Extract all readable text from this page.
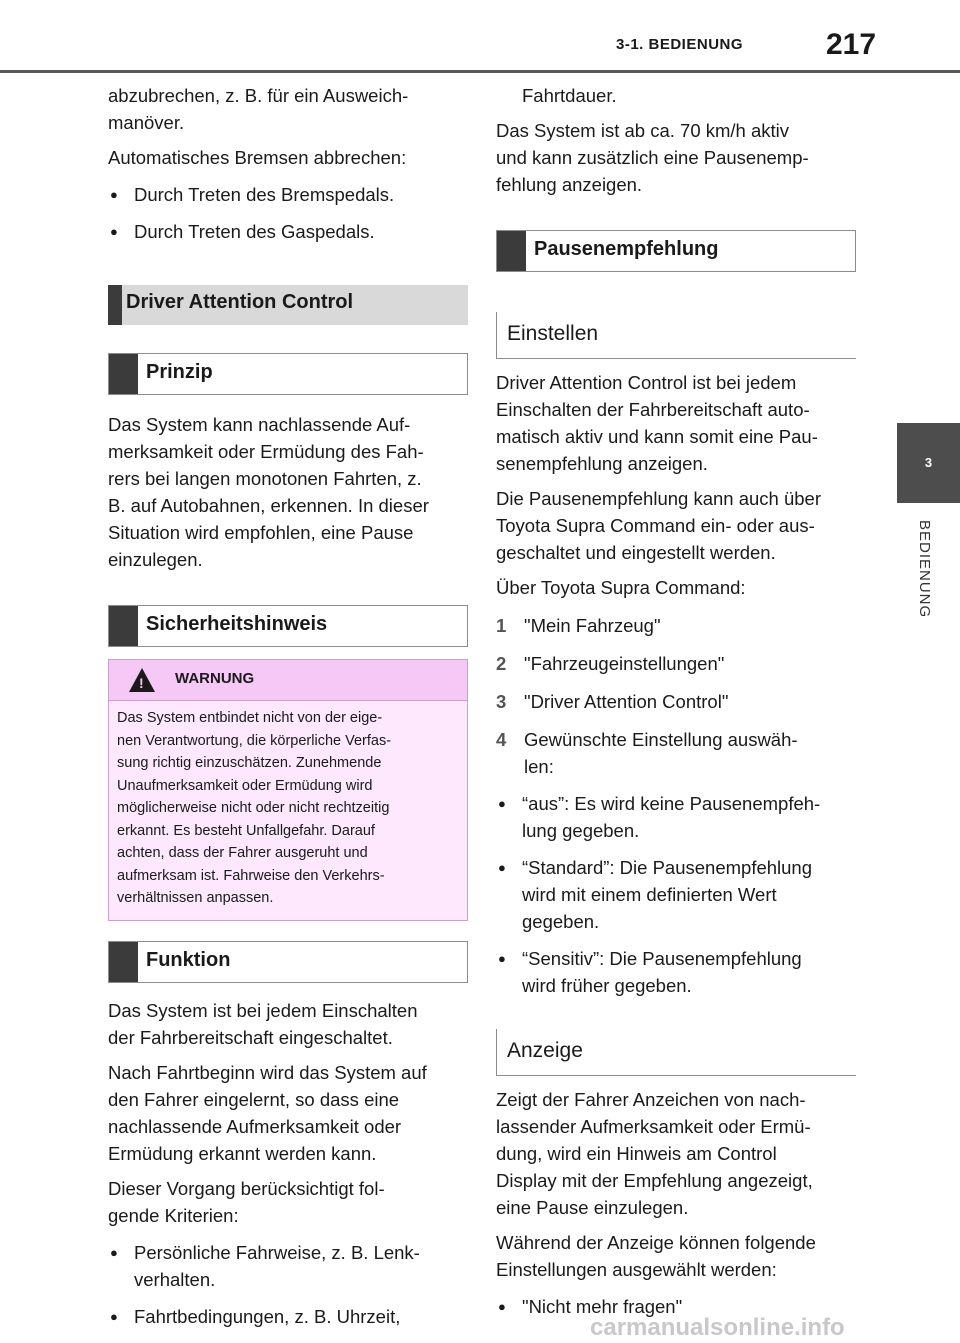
3-1. BEDIENUNG	217
3
BEDIENUNG

abzubrechen, z. B. für ein Ausweich-

manöver.

Automatisches Bremsen abbrechen:

● Durch Treten des Bremspedals.
● Durch Treten des Gaspedals.
Driver Attention Control
Prinzip

Das System kann nachlassende Auf-

merksamkeit oder Ermüdung des Fah-

rers bei langen monotonen Fahrten, z.

B. auf Autobahnen, erkennen. In dieser

Situation wird empfohlen, eine Pause

einzulegen.

Sicherheitshinweis
! WARNUNG
Das System entbindet nicht von der eige-
nen Verantwortung, die körperliche Verfas-
sung richtig einzuschätzen. Zunehmende
Unaufmerksamkeit oder Ermüdung wird
möglicherweise nicht oder nicht rechtzeitig
erkannt. Es besteht Unfallgefahr. Darauf
achten, dass der Fahrer ausgeruht und
aufmerksam ist. Fahrweise den Verkehrs-
verhältnissen anpassen.
Funktion

Das System ist bei jedem Einschalten

der Fahrbereitschaft eingeschaltet.

Nach Fahrtbeginn wird das System auf

den Fahrer eingelernt, so dass eine

nachlassende Aufmerksamkeit oder

Ermüdung erkannt werden kann.

Dieser Vorgang berücksichtigt fol-

gende Kriterien:

● Persönliche Fahrweise, z. B. Lenk-
verhalten.
● Fahrtbedingungen, z. B. Uhrzeit,

Fahrtdauer.

Das System ist ab ca. 70 km/h aktiv

und kann zusätzlich eine Pausenemp-

fehlung anzeigen.

Pausenempfehlung
Einstellen

Driver Attention Control ist bei jedem

Einschalten der Fahrbereitschaft auto-

matisch aktiv und kann somit eine Pau-

senempfehlung anzeigen.

Die Pausenempfehlung kann auch über

Toyota Supra Command ein- oder aus-

geschaltet und eingestellt werden.

Über Toyota Supra Command:

1 "Mein Fahrzeug"
2 "Fahrzeugeinstellungen"
3 "Driver Attention Control"
4 Gewünschte Einstellung auswäh-
len:
● “aus”: Es wird keine Pausenempfeh-
lung gegeben.
● “Standard”: Die Pausenempfehlung
wird mit einem definierten Wert
gegeben.
● “Sensitiv”: Die Pausenempfehlung
wird früher gegeben.
Anzeige

Zeigt der Fahrer Anzeichen von nach-

lassender Aufmerksamkeit oder Ermü-

dung, wird ein Hinweis am Control

Display mit der Empfehlung angezeigt,

eine Pause einzulegen.

Während der Anzeige können folgende

Einstellungen ausgewählt werden:

● "Nicht mehr fragen"
carmanualsonline.info
